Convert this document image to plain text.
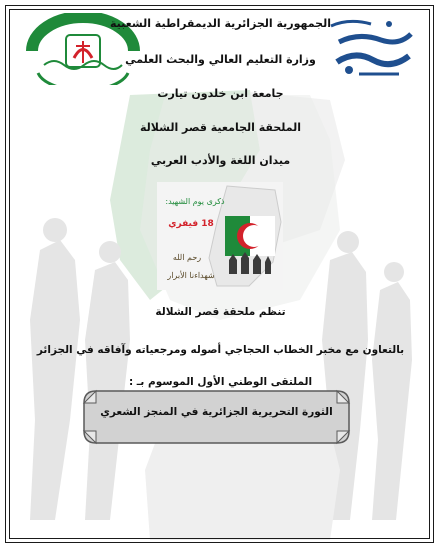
الجمهورية الجزائرية الديمقراطية الشعبية
وزارة التعليم العالي والبحث العلمي
جامعة ابن خلدون تيارت
الملحقة الجامعية قصر الشلالة
ميدان اللغة والأدب العربي
ذكرى يوم الشهيد:
18 فيفري
رحم الله
شهداءنا الأبرار
تنظم ملحقة قصر الشلالة
بالتعاون مع مخبر الخطاب الحجاجي أصوله ومرجعياته وآفاقه في الجزائر
الملتقى الوطني الأول الموسوم بـ :
الثورة التحريرية الجزائرية في المنجز الشعري
